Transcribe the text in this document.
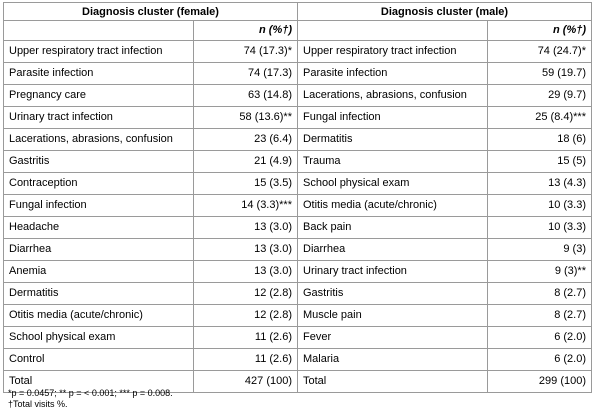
Diagnosis cluster (female)		Diagnosis cluster (male)	
	n (%†)		n (%†)
Upper respiratory tract infection	74 (17.3)*	Upper respiratory tract infection	74 (24.7)*
Parasite infection	74 (17.3)	Parasite infection	59 (19.7)
Pregnancy care	63 (14.8)	Lacerations, abrasions, confusion	29 (9.7)
Urinary tract infection	58 (13.6)**	Fungal infection	25 (8.4)***
Lacerations, abrasions, confusion	23 (6.4)	Dermatitis	18 (6)
Gastritis	21 (4.9)	Trauma	15 (5)
Contraception	15 (3.5)	School physical exam	13 (4.3)
Fungal infection	14 (3.3)***	Otitis media (acute/chronic)	10 (3.3)
Headache	13 (3.0)	Back pain	10 (3.3)
Diarrhea	13 (3.0)	Diarrhea	9 (3)
Anemia	13 (3.0)	Urinary tract infection	9 (3)**
Dermatitis	12 (2.8)	Gastritis	8 (2.7)
Otitis media (acute/chronic)	12 (2.8)	Muscle pain	8 (2.7)
School physical exam	11 (2.6)	Fever	6 (2.0)
Control	11 (2.6)	Malaria	6 (2.0)
Total	427 (100)	Total	299 (100)
*p = 0.0457; ** p = < 0.001; *** p = 0.008.
†Total visits %.
